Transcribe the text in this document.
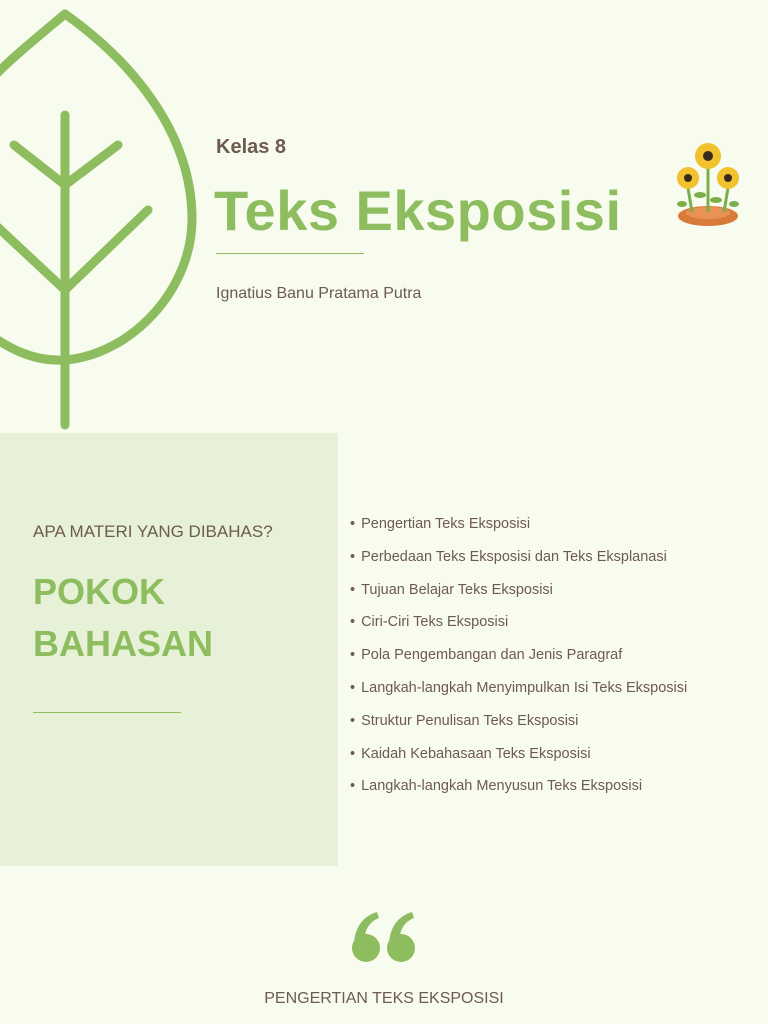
Kelas 8
Teks Eksposisi
Ignatius Banu Pratama Putra
APA MATERI YANG DIBAHAS?
POKOK
BAHASAN
• Pengertian Teks Eksposisi
• Perbedaan Teks Eksposisi dan Teks Eksplanasi
• Tujuan Belajar Teks Eksposisi
• Ciri-Ciri Teks Eksposisi
• Pola Pengembangan dan Jenis Paragraf
• Langkah-langkah Menyimpulkan Isi Teks Eksposisi
• Struktur Penulisan Teks Eksposisi
• Kaidah Kebahasaan Teks Eksposisi
• Langkah-langkah Menyusun Teks Eksposisi
PENGERTIAN TEKS EKSPOSISI
